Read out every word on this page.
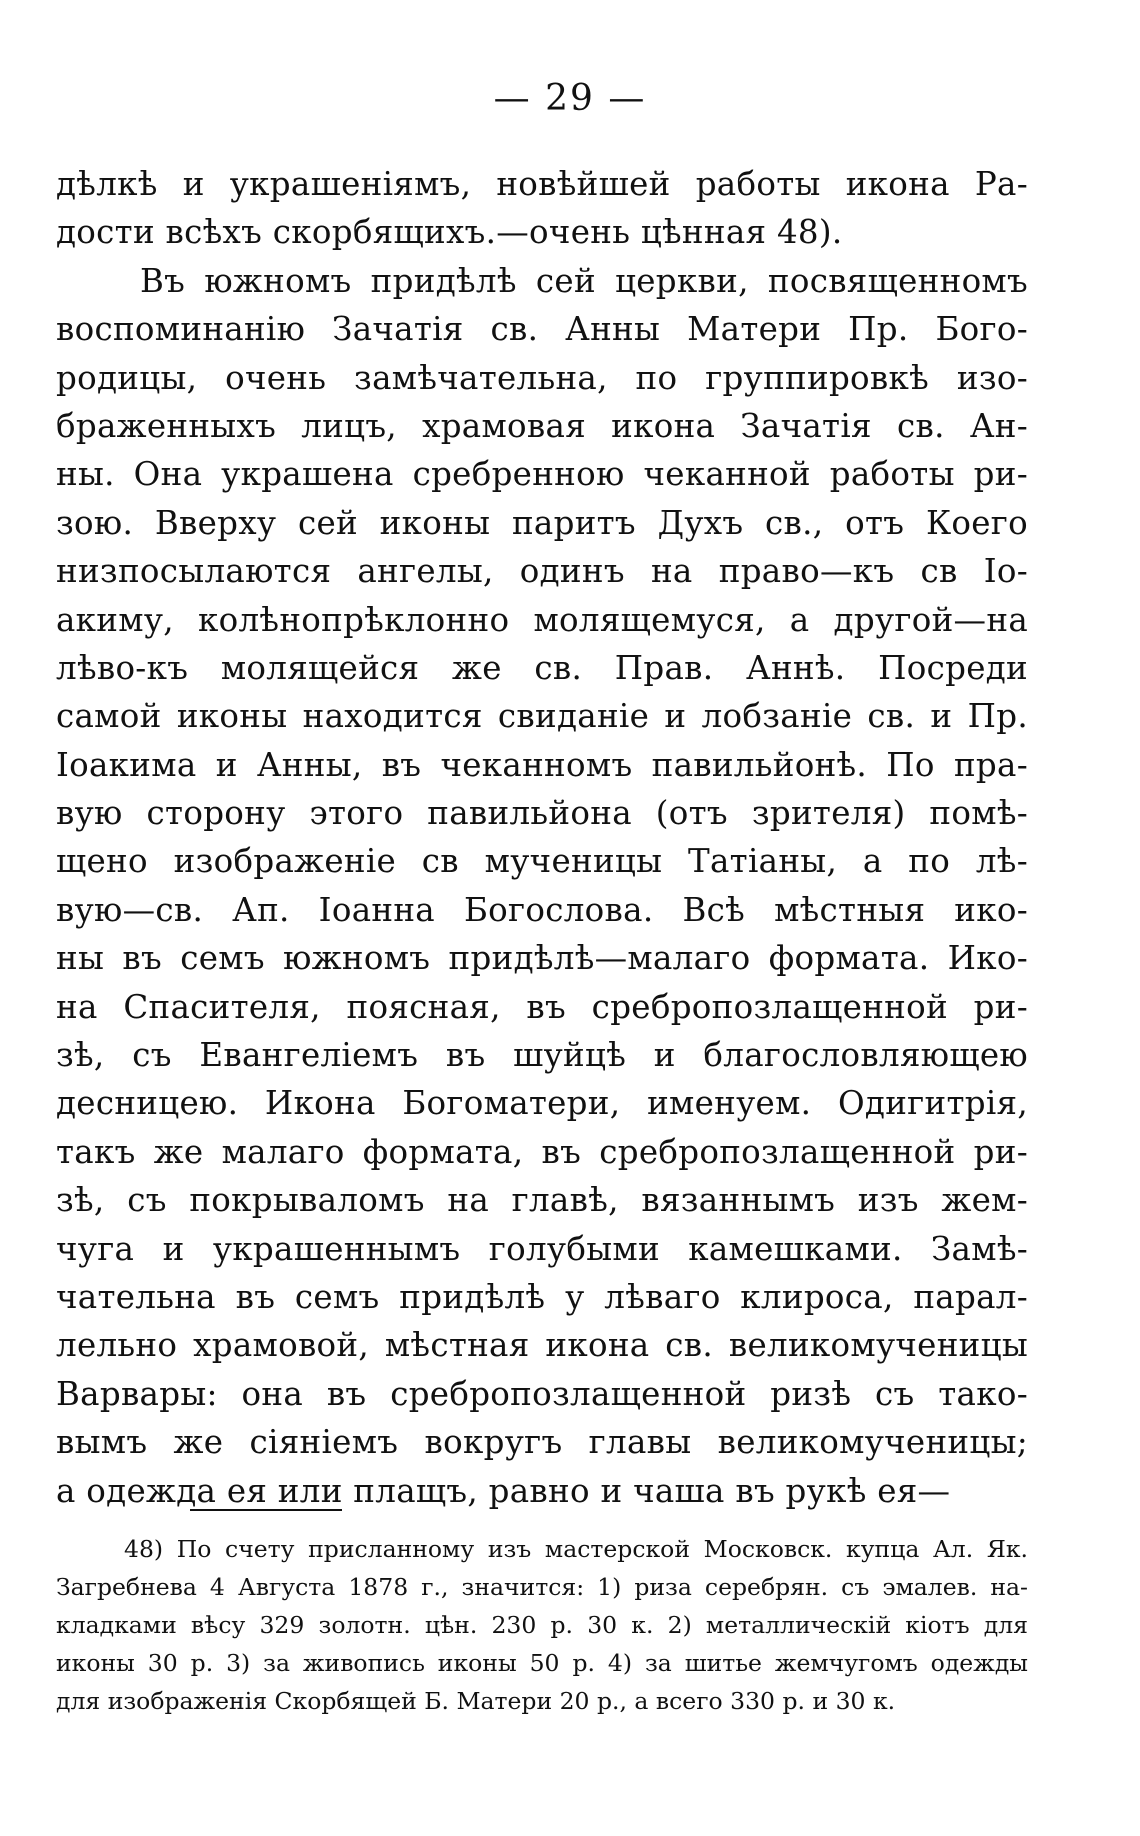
— 29 —
дѣлкѣ и украшеніямъ, новѣйшей работы икона Ра-
дости всѣхъ скорбящихъ.—очень цѣнная 48).
Въ южномъ придѣлѣ сей церкви, посвященномъ
воспоминанію Зачатія св. Анны Матери Пр. Бого-
родицы, очень замѣчательна, по группировкѣ изо-
браженныхъ лицъ, храмовая икона Зачатія св. Ан-
ны. Она украшена сребренною чеканной работы ри-
зою. Вверху сей иконы паритъ Духъ св., отъ Коего
низпосылаются ангелы, одинъ на право—къ св Іо-
акиму, колѣнопрѣклонно молящемуся, а другой—на
лѣво-къ молящейся же св. Прав. Аннѣ. Посреди
самой иконы находится свиданіе и лобзаніе св. и Пр.
Іоакима и Анны, въ чеканномъ павильйонѣ. По пра-
вую сторону этого павильйона (отъ зрителя) помѣ-
щено изображеніе св мученицы Татіаны, а по лѣ-
вую—св. Ап. Іоанна Богослова. Всѣ мѣстныя ико-
ны въ семъ южномъ придѣлѣ—малаго формата. Ико-
на Спасителя, поясная, въ сребропозлащенной ри-
зѣ, съ Евангеліемъ въ шуйцѣ и благословляющею
десницею. Икона Богоматери, именуем. Одигитрія,
такъ же малаго формата, въ сребропозлащенной ри-
зѣ, съ покрываломъ на главѣ, вязаннымъ изъ жем-
чуга и украшеннымъ голубыми камешками. Замѣ-
чательна въ семъ придѣлѣ у лѣваго клироса, парал-
лельно храмовой, мѣстная икона св. великомученицы
Варвары: она въ сребропозлащенной ризѣ съ тако-
вымъ же сіяніемъ вокругъ главы великомученицы;
а одежда ея или плащъ, равно и чаша въ рукѣ ея—
48) По счету присланному изъ мастерской Московск. купца Ал. Як.
Загребнева 4 Августа 1878 г., значится: 1) риза серебрян. съ эмалев. на-
кладками вѣсу 329 золотн. цѣн. 230 р. 30 к. 2) металлическій кіотъ для
иконы 30 р. 3) за живопись иконы 50 р. 4) за шитье жемчугомъ одежды
для изображенія Скорбящей Б. Матери 20 р., а всего 330 р. и 30 к.
